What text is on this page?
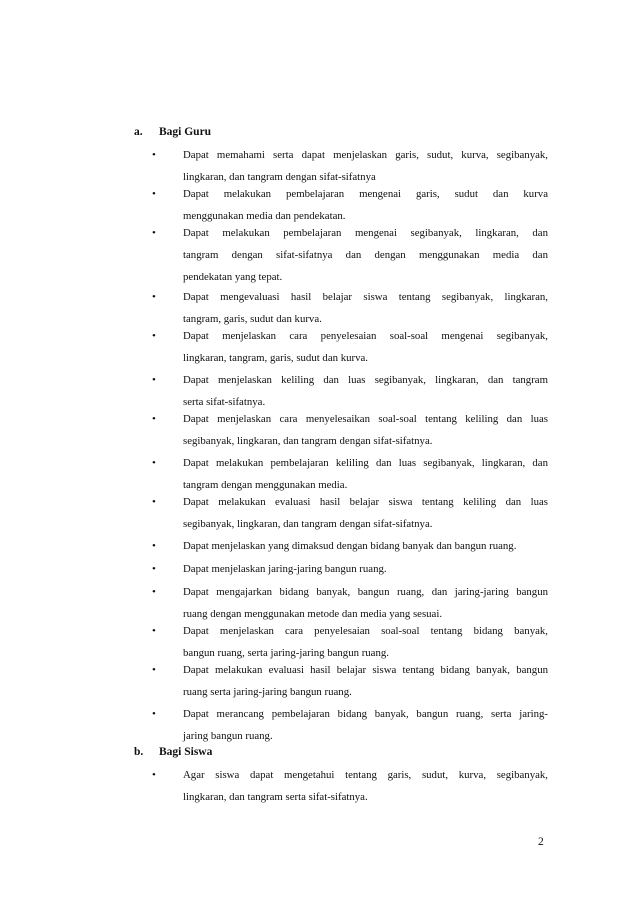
a. Bagi Guru
•	Dapat memahami serta dapat menjelaskan garis, sudut, kurva, segibanyak,
lingkaran, dan tangram dengan sifat-sifatnya
•	Dapat melakukan pembelajaran mengenai garis, sudut dan kurva
menggunakan media dan pendekatan.
•	Dapat melakukan pembelajaran mengenai segibanyak, lingkaran, dan
tangram dengan sifat-sifatnya dan dengan menggunakan media dan
pendekatan yang tepat.
•	Dapat mengevaluasi hasil belajar siswa tentang segibanyak, lingkaran,
tangram, garis, sudut dan kurva.
•	Dapat menjelaskan cara penyelesaian soal-soal mengenai segibanyak,
lingkaran, tangram, garis, sudut dan kurva.
•	Dapat menjelaskan keliling dan luas segibanyak, lingkaran, dan tangram
serta sifat-sifatnya.
•	Dapat menjelaskan cara menyelesaikan soal-soal tentang keliling dan luas
segibanyak, lingkaran, dan tangram dengan sifat-sifatnya.
•	Dapat melakukan pembelajaran keliling dan luas segibanyak, lingkaran, dan
tangram dengan menggunakan media.
•	Dapat melakukan evaluasi hasil belajar siswa tentang keliling dan luas
segibanyak, lingkaran, dan tangram dengan sifat-sifatnya.
•	Dapat menjelaskan yang dimaksud dengan bidang banyak dan bangun ruang.
•	Dapat menjelaskan jaring-jaring bangun ruang.
•	Dapat mengajarkan bidang banyak, bangun ruang, dan jaring-jaring bangun
ruang dengan menggunakan metode dan media yang sesuai.
•	Dapat menjelaskan cara penyelesaian soal-soal tentang bidang banyak,
bangun ruang, serta jaring-jaring bangun ruang.
•	Dapat melakukan evaluasi hasil belajar siswa tentang bidang banyak, bangun
ruang serta jaring-jaring bangun ruang.
•	Dapat merancang pembelajaran bidang banyak, bangun ruang, serta jaring-
jaring bangun ruang.
b. Bagi Siswa
•	Agar siswa dapat mengetahui tentang garis, sudut, kurva, segibanyak,
lingkaran, dan tangram serta sifat-sifatnya.
2
